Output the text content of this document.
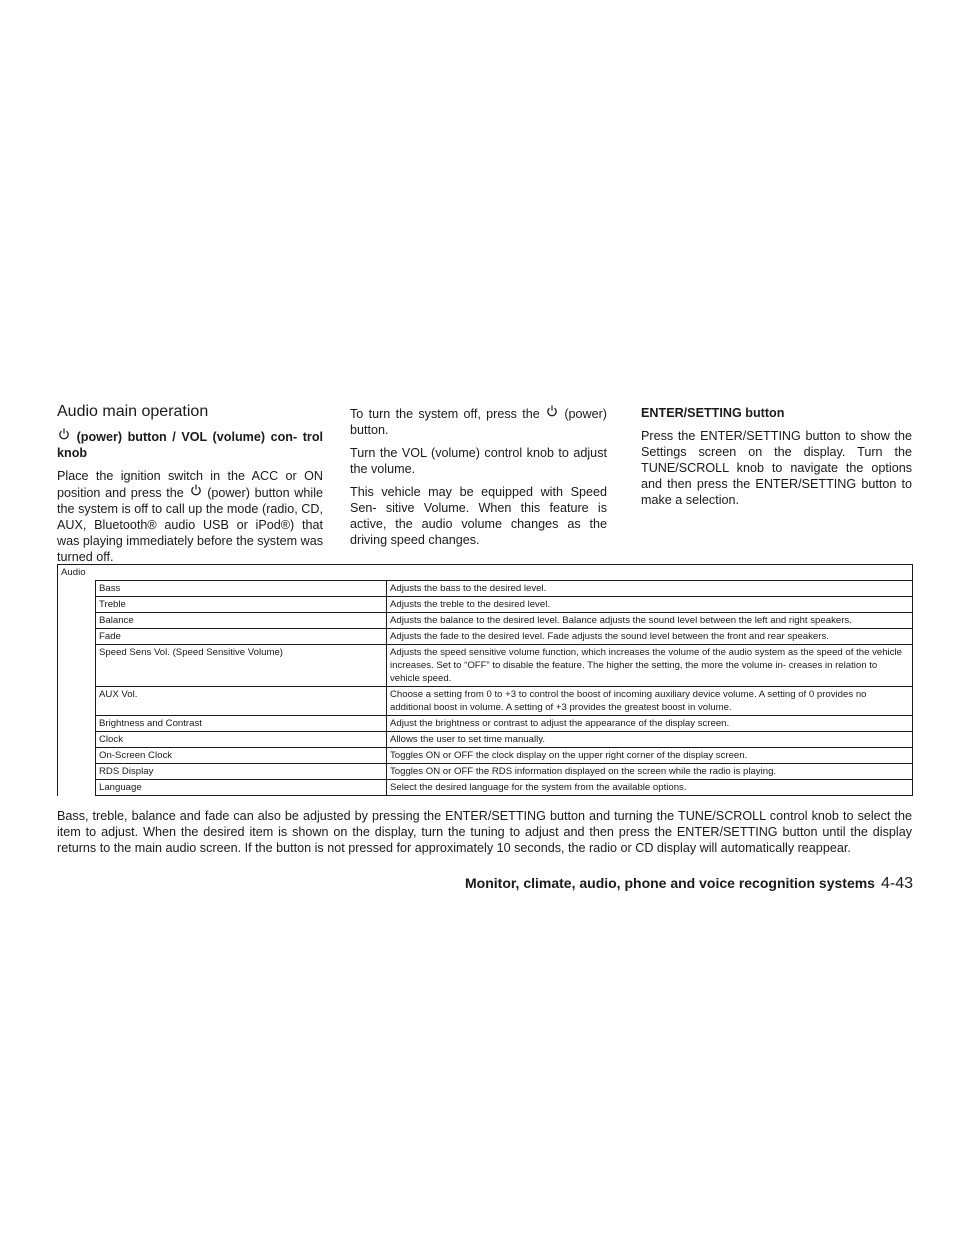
Audio main operation

(power) button / VOL (volume) con- trol knob

Place the ignition switch in the ACC or ON position and press the (power) button while the system is off to call up the mode (radio, CD, AUX, Bluetooth® audio USB or iPod®) that was playing immediately before the system was turned off.

To turn the system off, press the (power) button.

Turn the VOL (volume) control knob to adjust the volume.

This vehicle may be equipped with Speed Sen- sitive Volume. When this feature is active, the audio volume changes as the driving speed changes.

ENTER/SETTING button

Press the ENTER/SETTING button to show the Settings screen on the display. Turn the TUNE/SCROLL knob to navigate the options and then press the ENTER/SETTING button to make a selection.

Audio		
	Bass	Adjusts the bass to the desired level.
	Treble	Adjusts the treble to the desired level.
	Balance	Adjusts the balance to the desired level. Balance adjusts the sound level between the left and right speakers.
	Fade	Adjusts the fade to the desired level. Fade adjusts the sound level between the front and rear speakers.
	Speed Sens Vol. (Speed Sensitive Volume)	Adjusts the speed sensitive volume function, which increases the volume of the audio system as the speed of the vehicle increases. Set to “OFF” to disable the feature. The higher the setting, the more the volume in- creases in relation to vehicle speed.
	AUX Vol.	Choose a setting from 0 to +3 to control the boost of incoming auxiliary device volume. A setting of 0 provides no additional boost in volume. A setting of +3 provides the greatest boost in volume.
	Brightness and Contrast	Adjust the brightness or contrast to adjust the appearance of the display screen.
	Clock	Allows the user to set time manually.
	On-Screen Clock	Toggles ON or OFF the clock display on the upper right corner of the display screen.
	RDS Display	Toggles ON or OFF the RDS information displayed on the screen while the radio is playing.
	Language	Select the desired language for the system from the available options.

Bass, treble, balance and fade can also be adjusted by pressing the ENTER/SETTING button and turning the TUNE/SCROLL control knob to select the item to adjust. When the desired item is shown on the display, turn the tuning to adjust and then press the ENTER/SETTING button until the display returns to the main audio screen. If the button is not pressed for approximately 10 seconds, the radio or CD display will automatically reappear.

Monitor, climate, audio, phone and voice recognition systems 4-43
